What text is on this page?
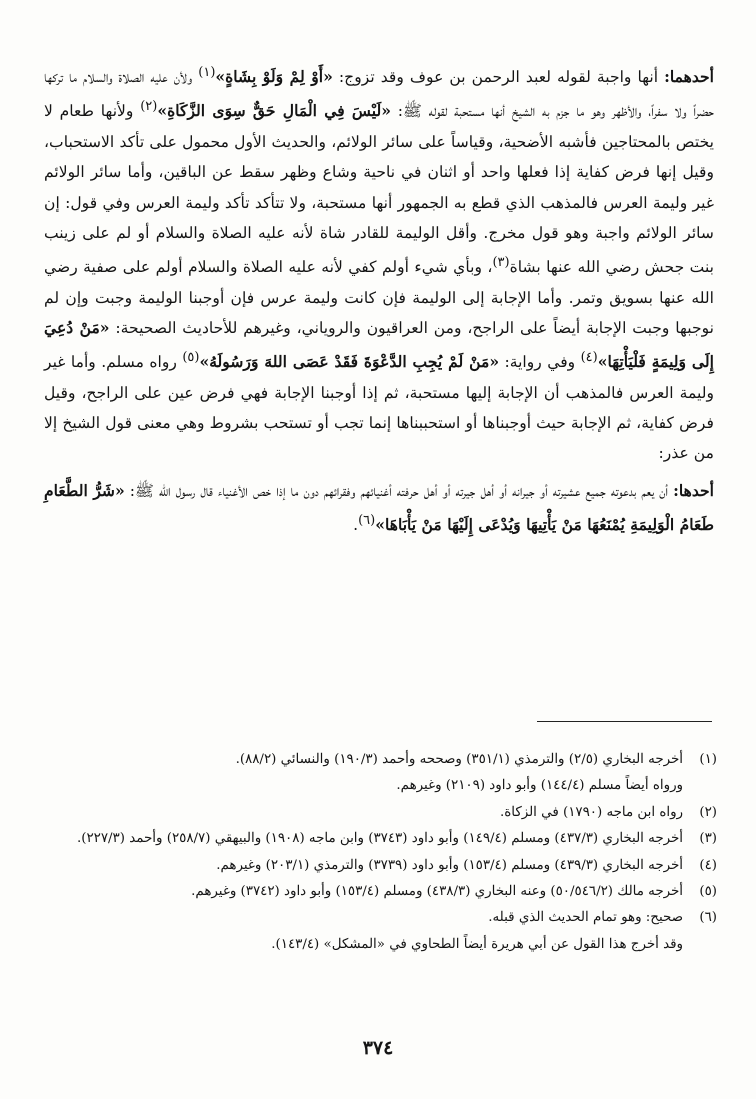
أحدهما: أنها واجبة لقوله لعبد الرحمن بن عوف وقد تزوج: «أَوْ لِمْ وَلَوْ بِشَاةٍ»$^{(١)}$ ولأن عليه الصلاة والسلام ما تركها حضراً ولا سفراً، والأظهر وهو ما جزم به الشيخ أنها مستحبة لقوله ﷺ: «لَيْسَ فِي الْمَالِ حَقٌّ سِوَى الزَّكَاةِ»$^{(٢)}$ ولأنها طعام لا يختص بالمحتاجين فأشبه الأضحية، وقياساً على سائر الولائم، والحديث الأول محمول على تأكد الاستحباب، وقيل إنها فرض كفاية إذا فعلها واحد أو اثنان في ناحية وشاع وظهر سقط عن الباقين، وأما سائر الولائم غير وليمة العرس فالمذهب الذي قطع به الجمهور أنها مستحبة، ولا تتأكد تأكد وليمة العرس وفي قول: إن سائر الولائم واجبة وهو قول مخرج. وأقل الوليمة للقادر شاة لأنه عليه الصلاة والسلام أو لم على زينب بنت جحش رضي الله عنها بشاة$^{(٣)}$، وبأي شيء أولم كفي لأنه عليه الصلاة والسلام أولم على صفية رضي الله عنها بسويق وتمر. وأما الإجابة إلى الوليمة فإن كانت وليمة عرس فإن أوجبنا الوليمة وجبت وإن لم نوجبها وجبت الإجابة أيضاً على الراجح، ومن العراقيون والروياني، وغيرهم للأحاديث الصحيحة: «مَنْ دُعِيَ إِلَى وَلِيمَةٍ فَلْيَأْتِهَا»$^{(٤)}$ وفي رواية: «مَنْ لَمْ يُجِبِ الدَّعْوَةَ فَقَدْ عَصَى اللهَ وَرَسُولَهُ»$^{(٥)}$ رواه مسلم. وأما غير وليمة العرس فالمذهب أن الإجابة إليها مستحبة، ثم إذا أوجبنا الإجابة فهي فرض عين على الراجح، وقيل فرض كفاية، ثم الإجابة حيث أوجبناها أو استحببناها إنما تجب أو تستحب بشروط وهي معنى قول الشيخ إلا من عذر:

أحدها: أن يعم بدعوته جميع عشيرته أو جيرانه أو أهل جيرته أو أهل حرفته أغنيائهم وفقرائهم دون ما إذا خص الأغنياء قال رسول الله ﷺ: «شَرُّ الطَّعَامِ طَعَامُ الْوَلِيمَةِ يُمْنَعُهَا مَنْ يَأْتِيهَا وَيُدْعَى إِلَيْهَا مَنْ يَأْبَاهَا»$^{(٦)}$.

(١)أخرجه البخاري (٢/٥) والترمذي (٣٥١/١) وصححه وأحمد (١٩٠/٣) والنسائي (٨٨/٢).

ورواه أيضاً مسلم (١٤٤/٤) وأبو داود (٢١٠٩) وغيرهم.

(٢)رواه ابن ماجه (١٧٩٠) في الزكاة.

(٣)أخرجه البخاري (٤٣٧/٣) ومسلم (١٤٩/٤) وأبو داود (٣٧٤٣) وابن ماجه (١٩٠٨) والبيهقي (٢٥٨/٧) وأحمد (٢٢٧/٣).

(٤)أخرجه البخاري (٤٣٩/٣) ومسلم (١٥٣/٤) وأبو داود (٣٧٣٩) والترمذي (٢٠٣/١) وغيرهم.

(٥)أخرجه مالك (٥٠/٥٤٦/٢) وعنه البخاري (٤٣٨/٣) ومسلم (١٥٣/٤) وأبو داود (٣٧٤٢) وغيرهم.

(٦)صحيح: وهو تمام الحديث الذي قبله.

وقد أخرج هذا القول عن أبي هريرة أيضاً الطحاوي في «المشكل» (١٤٣/٤).

٣٧٤
